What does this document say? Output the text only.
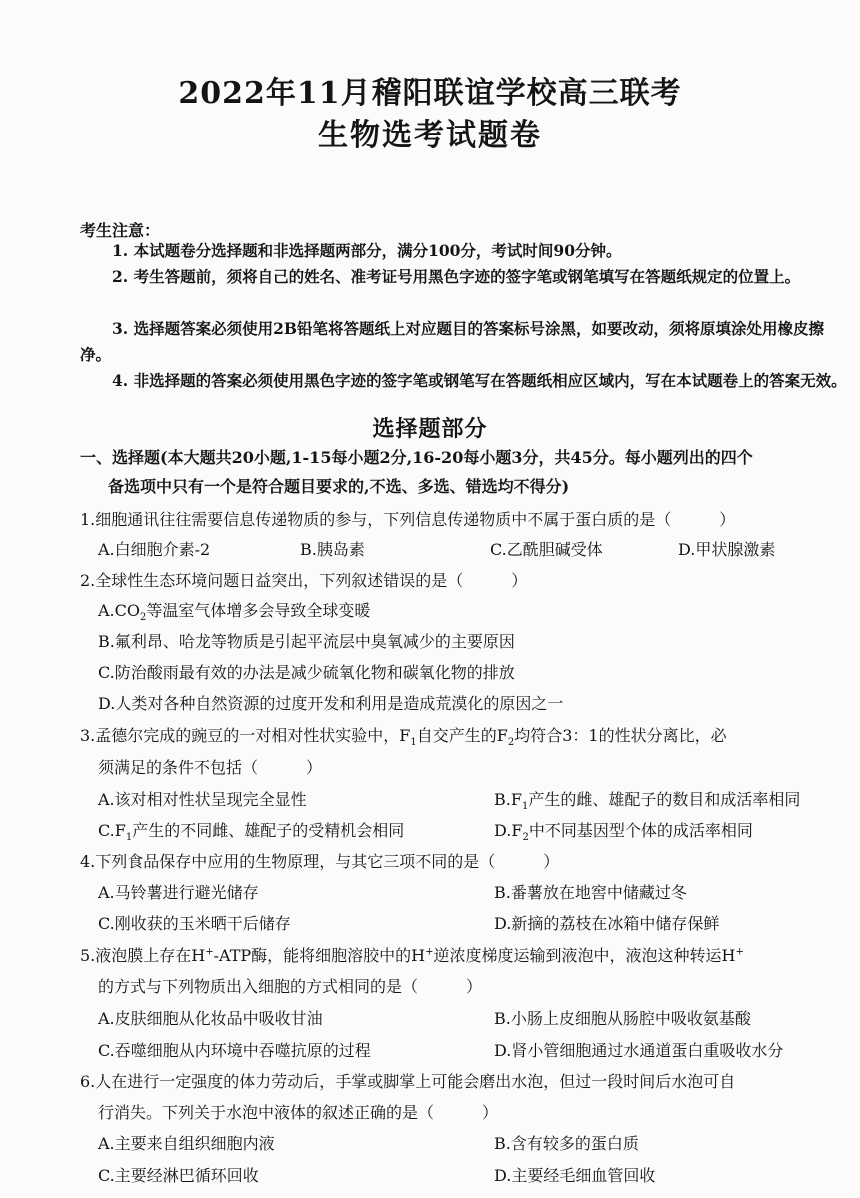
2022年11月稽阳联谊学校高三联考
生物选考试题卷
考生注意：
1. 本试题卷分选择题和非选择题两部分，满分100分，考试时间90分钟。
2. 考生答题前，须将自己的姓名、准考证号用黑色字迹的签字笔或钢笔填写在答题纸规定的位置上。
3. 选择题答案必须使用2B铅笔将答题纸上对应题目的答案标号涂黑，如要改动，须将原填涂处用橡皮擦净。
4. 非选择题的答案必须使用黑色字迹的签字笔或钢笔写在答题纸相应区域内，写在本试题卷上的答案无效。
选择题部分
一、选择题(本大题共20小题,1-15每小题2分,16-20每小题3分，共45分。每小题列出的四个
备选项中只有一个是符合题目要求的,不选、多选、错选均不得分)
1.细胞通讯往往需要信息传递物质的参与，下列信息传递物质中不属于蛋白质的是（　　　）
A.白细胞介素-2	B.胰岛素	C.乙酰胆碱受体	D.甲状腺激素
2.全球性生态环境问题日益突出，下列叙述错误的是（　　　）
$A.CO_2$等温室气体增多会导致全球变暖
B.氟利昂、哈龙等物质是引起平流层中臭氧减少的主要原因
C.防治酸雨最有效的办法是减少硫氧化物和碳氧化物的排放
D.人类对各种自然资源的过度开发和利用是造成荒漠化的原因之一
3.孟德尔完成的豌豆的一对相对性状实验中，$F_1$自交产生的$F_2$均符合3：1的性状分离比，必
须满足的条件不包括（　　　）
A.该对相对性状呈现完全显性	$B.F_1$产生的雌、雄配子的数目和成活率相同
$C.F_1$产生的不同雌、雄配子的受精机会相同	$D.F_2$中不同基因型个体的成活率相同
4.下列食品保存中应用的生物原理，与其它三项不同的是（　　　）
A.马铃薯进行避光储存	B.番薯放在地窖中储藏过冬
C.刚收获的玉米晒干后储存	D.新摘的荔枝在冰箱中储存保鲜
5.液泡膜上存在H+-ATP酶，能将细胞溶胶中的H+逆浓度梯度运输到液泡中，液泡这种转运H+
的方式与下列物质出入细胞的方式相同的是（　　　）
A.皮肤细胞从化妆品中吸收甘油	B.小肠上皮细胞从肠腔中吸收氨基酸
C.吞噬细胞从内环境中吞噬抗原的过程	D.肾小管细胞通过水通道蛋白重吸收水分
6.人在进行一定强度的体力劳动后，手掌或脚掌上可能会磨出水泡，但过一段时间后水泡可自
行消失。下列关于水泡中液体的叙述正确的是（　　　）
A.主要来自组织细胞内液	B.含有较多的蛋白质
C.主要经淋巴循环回收	D.主要经毛细血管回收
